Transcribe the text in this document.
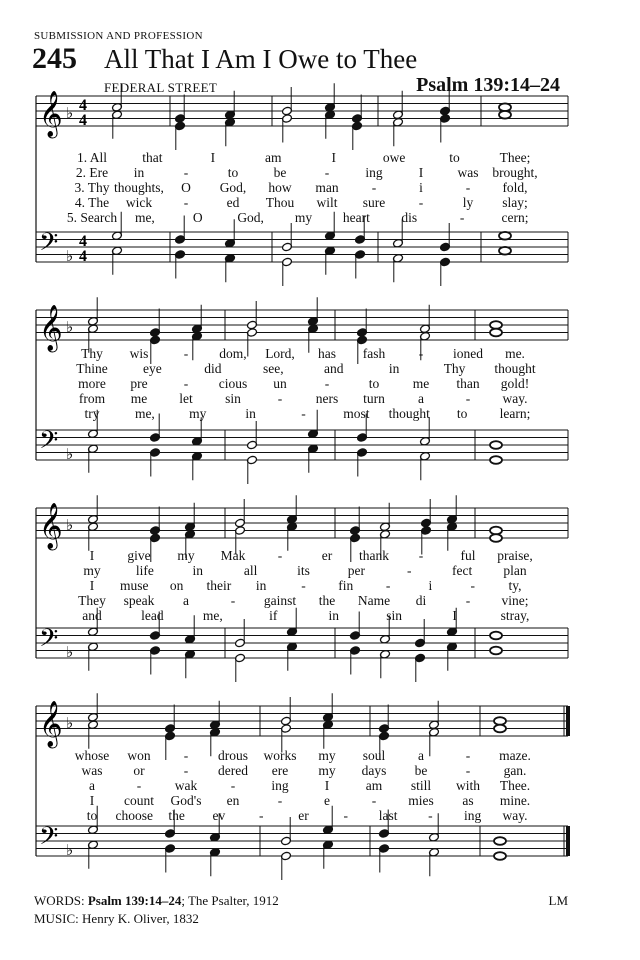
SUBMISSION AND PROFESSION
245 All That I Am I Owe to Thee
FEDERAL STREET	Psalm 139:14–24
𝄞
𝄢
♭
♭
4
4
4
4
𝄞
𝄢
♭
♭
𝄞
𝄢
♭
♭
𝄞
𝄢
♭
♭
1. All	that	I	am	I	owe	to	Thee;
2. Ere in	-	to	be	-	ing	I	was brought,
3. Thy thoughts, O God, how man -	i	- fold,
4. The wick -	ed Thou wilt sure -	ly slay;
5. Search me,	O	God, my heart dis	-	cern;
Thy wis	- dom, Lord, has fash - ioned me.
Thine	eye	did	see,	and	in	Thy thought
more pre	- cious un	-	to me than gold!
from me let sin	- ners turn a	- way.
try	me,	my	in	-	most thought to learn;
I give my Mak -	er thank -	ful praise,
my	life	in	all	its	per	-	fect plan
I muse on their in	- fin -	i	- ty,
They speak a	- gainst the Name di	- vine;
and	lead	me,	if	in	sin	I	stray,
whose won - drous works my soul a	- maze.
was or	- dered ere my days be	- gan.
a	- wak -	ing	I	am still with Thee.
I count God's en	-	e	- mies as mine.
to choose the ev -	er	- last - ing way.
WORDS: Psalm 139:14–24; The Psalter, 1912
MUSIC: Henry K. Oliver, 1832
LM
